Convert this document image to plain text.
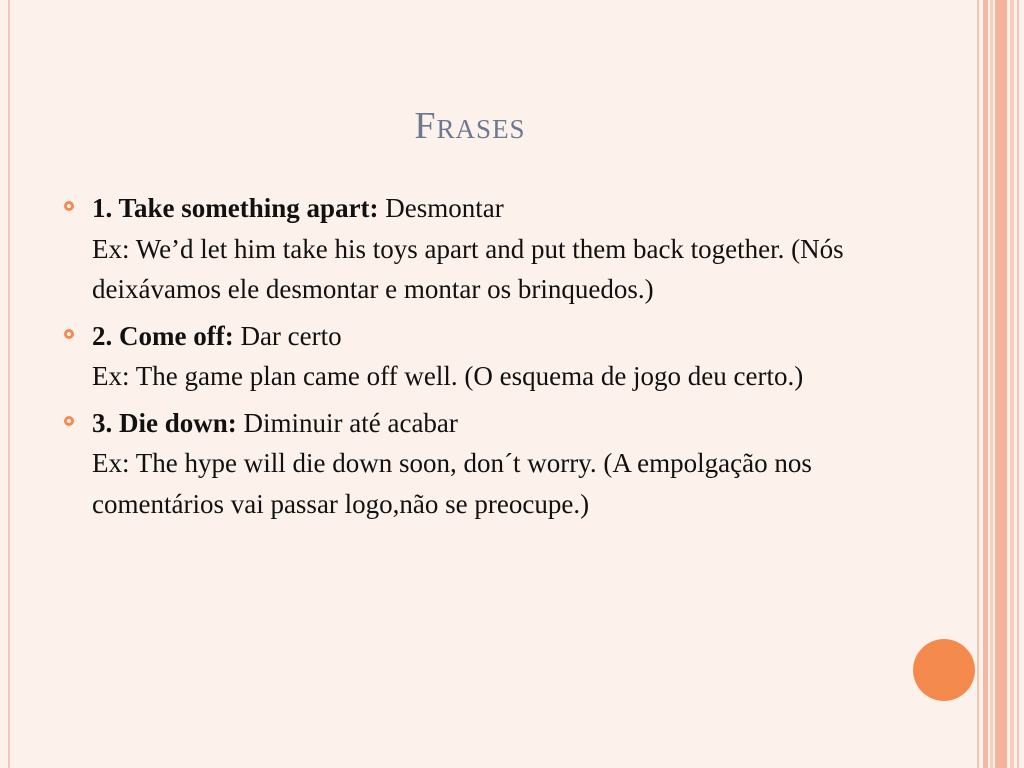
Frases
1. Take something apart: Desmontar
Ex: We’d let him take his toys apart and put them back together. (Nós deixávamos ele desmontar e montar os brinquedos.)
2. Come off: Dar certo
Ex: The game plan came off well. (O esquema de jogo deu certo.)
3. Die down: Diminuir até acabar
Ex: The hype will die down soon, don´t worry. (A empolgação nos comentários vai passar logo,não se preocupe.)
